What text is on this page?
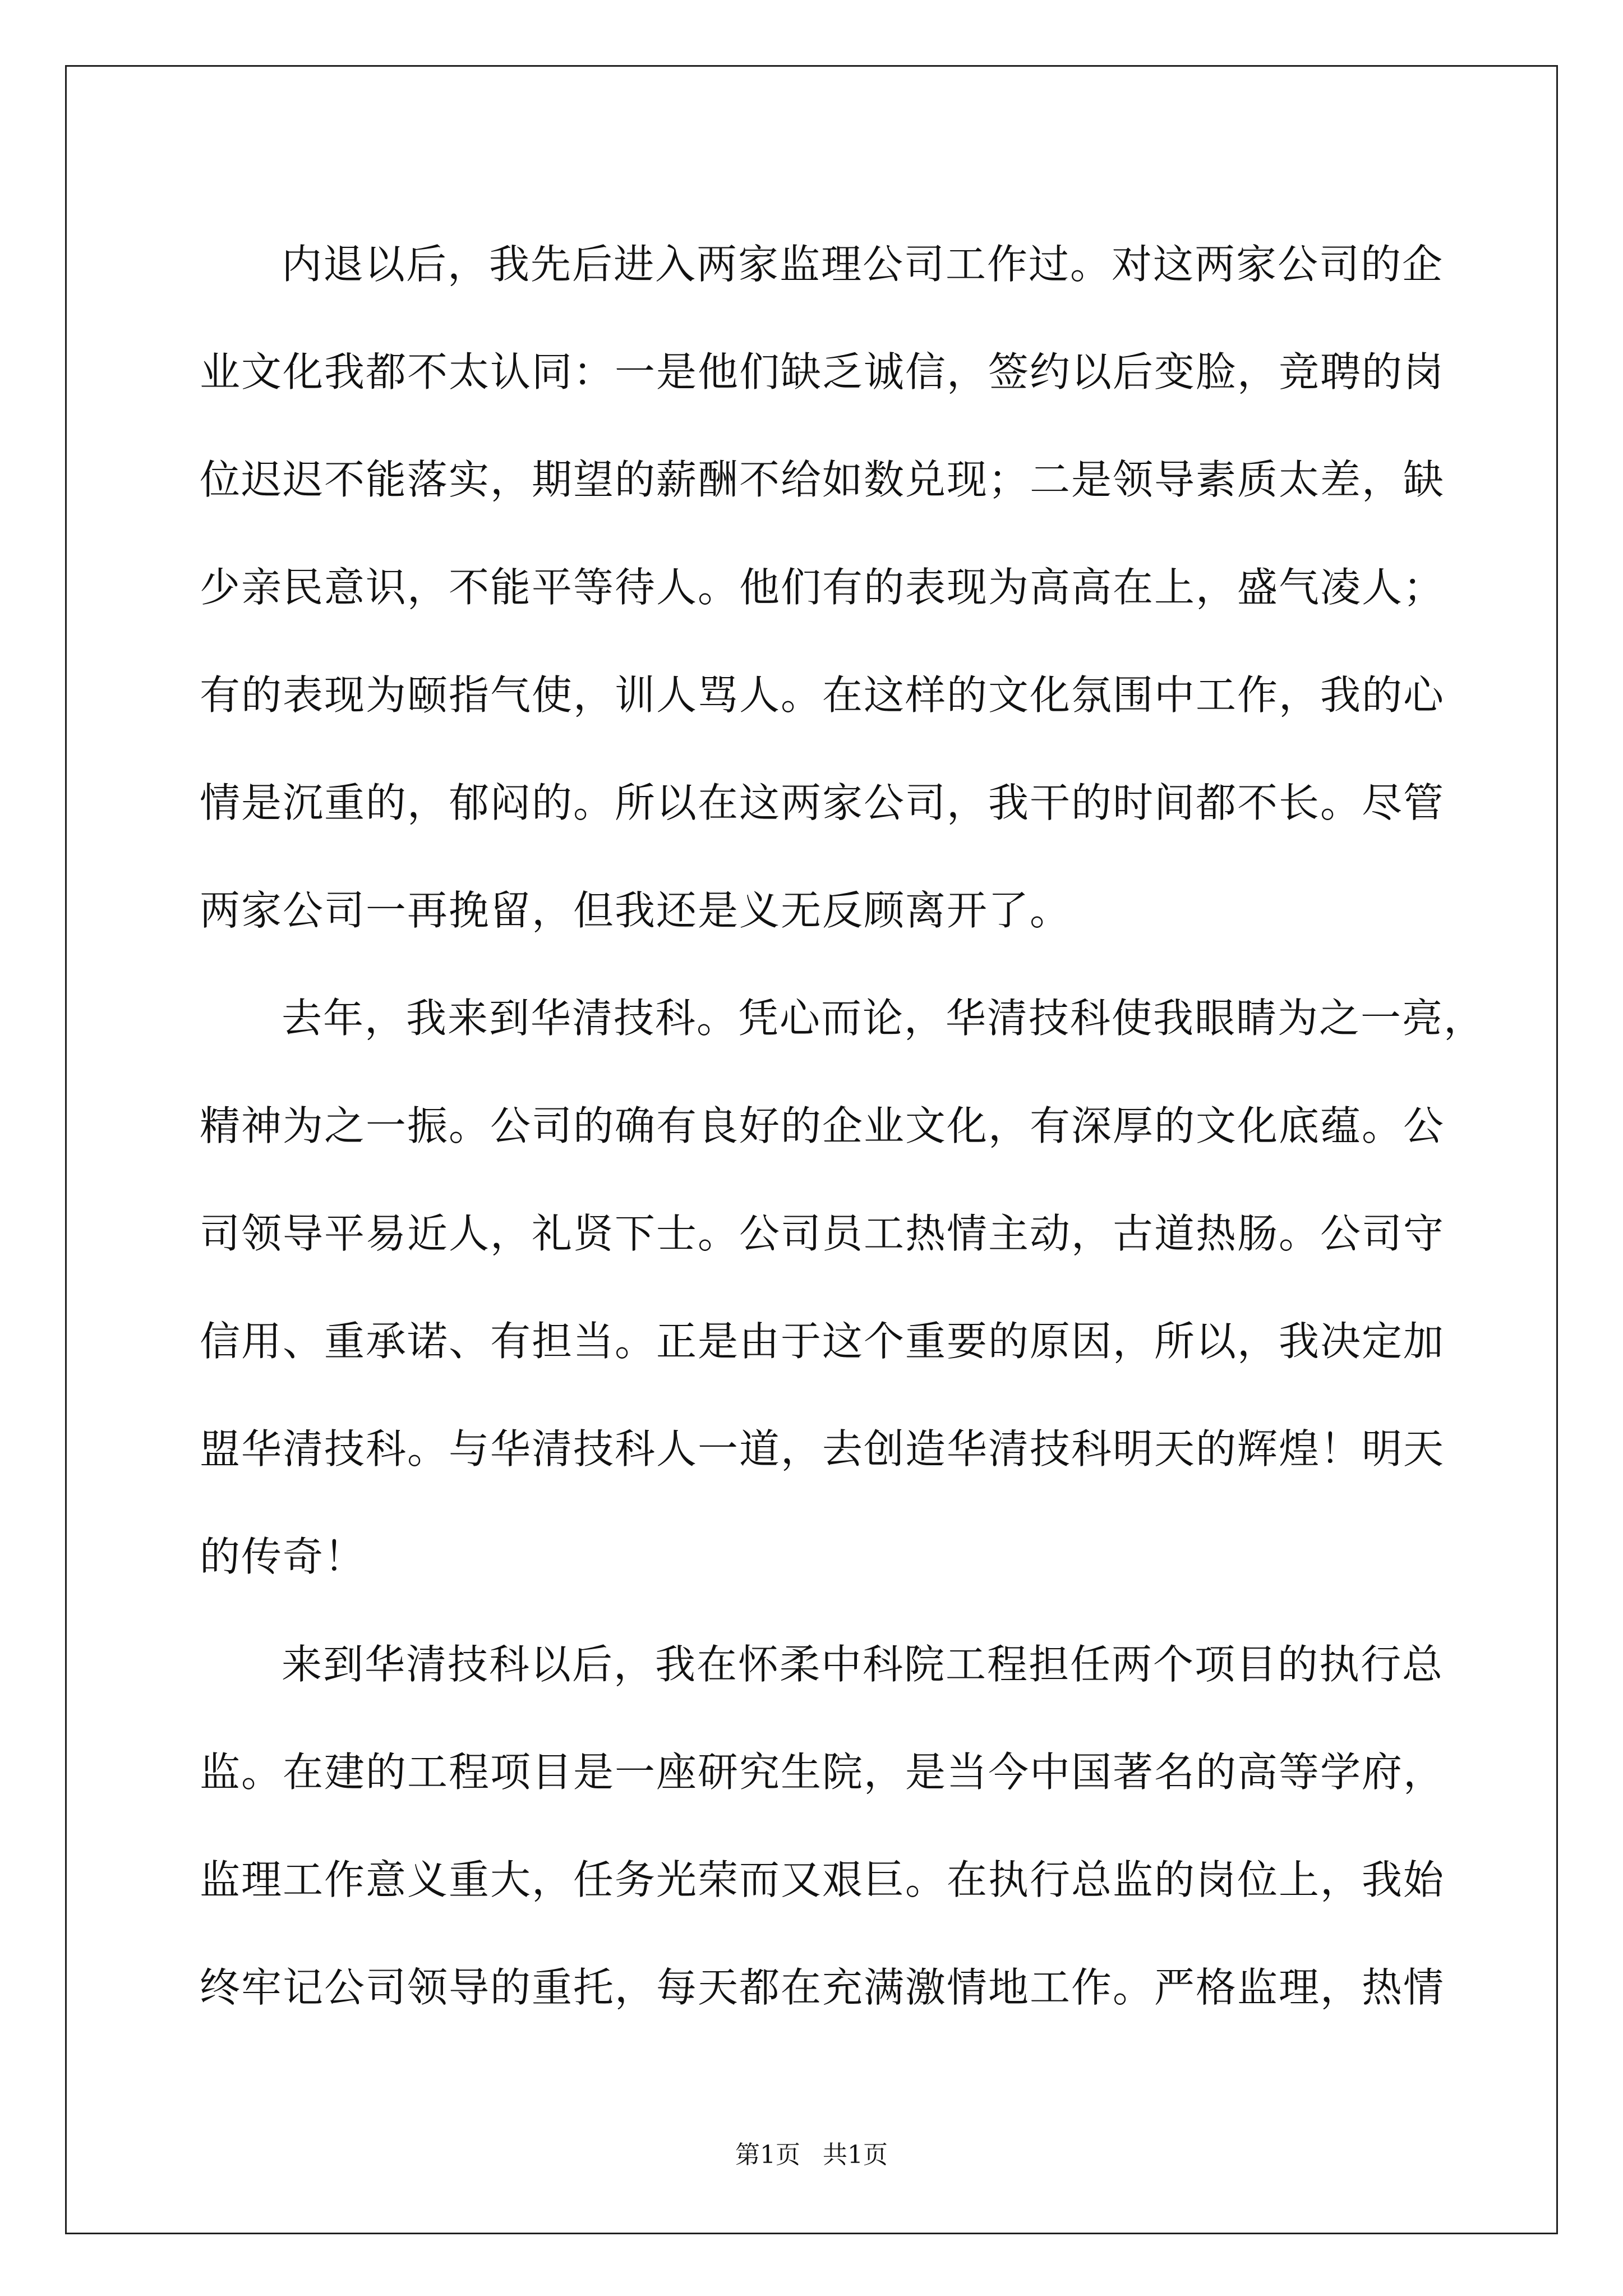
内退以后，我先后进入两家监理公司工作过。对这两家公司的企
业文化我都不太认同：一是他们缺乏诚信，签约以后变脸，竞聘的岗
位迟迟不能落实，期望的薪酬不给如数兑现；二是领导素质太差，缺
少亲民意识，不能平等待人。他们有的表现为高高在上，盛气凌人；
有的表现为颐指气使，训人骂人。在这样的文化氛围中工作，我的心
情是沉重的，郁闷的。所以在这两家公司，我干的时间都不长。尽管
两家公司一再挽留，但我还是义无反顾离开了。
去年，我来到华清技科。凭心而论，华清技科使我眼睛为之一亮，
精神为之一振。公司的确有良好的企业文化，有深厚的文化底蕴。公
司领导平易近人，礼贤下士。公司员工热情主动，古道热肠。公司守
信用、重承诺、有担当。正是由于这个重要的原因，所以，我决定加
盟华清技科。与华清技科人一道，去创造华清技科明天的辉煌！明天
的传奇！
来到华清技科以后，我在怀柔中科院工程担任两个项目的执行总
监。在建的工程项目是一座研究生院，是当今中国著名的高等学府，
监理工作意义重大，任务光荣而又艰巨。在执行总监的岗位上，我始
终牢记公司领导的重托，每天都在充满激情地工作。严格监理，热情
第1页 共1页
